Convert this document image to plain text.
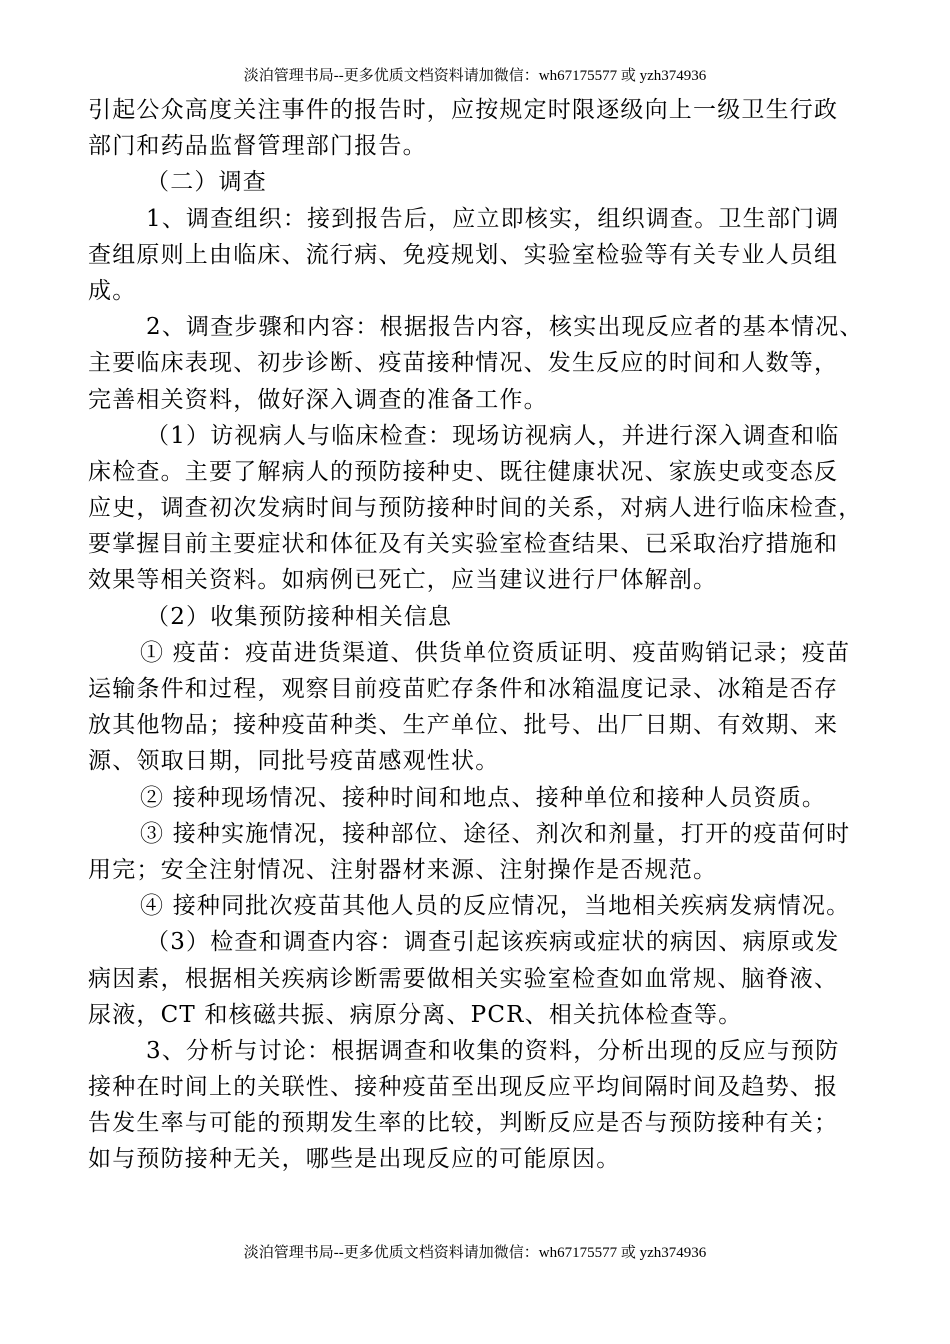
淡泊管理书局--更多优质文档资料请加微信：wh67175577 或 yzh374936
引起公众高度关注事件的报告时，应按规定时限逐级向上一级卫生行政
部门和药品监督管理部门报告。
（二）调查
1、调查组织：接到报告后，应立即核实，组织调查。卫生部门调
查组原则上由临床、流行病、免疫规划、实验室检验等有关专业人员组
成。
2、调查步骤和内容：根据报告内容，核实出现反应者的基本情况、
主要临床表现、初步诊断、疫苗接种情况、发生反应的时间和人数等，
完善相关资料，做好深入调查的准备工作。
（1）访视病人与临床检查：现场访视病人，并进行深入调查和临
床检查。主要了解病人的预防接种史、既往健康状况、家族史或变态反
应史，调查初次发病时间与预防接种时间的关系，对病人进行临床检查，
要掌握目前主要症状和体征及有关实验室检查结果、已采取治疗措施和
效果等相关资料。如病例已死亡，应当建议进行尸体解剖。
（2）收集预防接种相关信息
① 疫苗：疫苗进货渠道、供货单位资质证明、疫苗购销记录；疫苗
运输条件和过程，观察目前疫苗贮存条件和冰箱温度记录、冰箱是否存
放其他物品；接种疫苗种类、生产单位、批号、出厂日期、有效期、来
源、领取日期，同批号疫苗感观性状。
② 接种现场情况、接种时间和地点、接种单位和接种人员资质。
③ 接种实施情况，接种部位、途径、剂次和剂量，打开的疫苗何时
用完；安全注射情况、注射器材来源、注射操作是否规范。
④ 接种同批次疫苗其他人员的反应情况，当地相关疾病发病情况。
（3）检查和调查内容：调查引起该疾病或症状的病因、病原或发
病因素，根据相关疾病诊断需要做相关实验室检查如血常规、脑脊液、
尿液，CT 和核磁共振、病原分离、PCR、相关抗体检查等。
3、分析与讨论：根据调查和收集的资料，分析出现的反应与预防
接种在时间上的关联性、接种疫苗至出现反应平均间隔时间及趋势、报
告发生率与可能的预期发生率的比较，判断反应是否与预防接种有关；
如与预防接种无关，哪些是出现反应的可能原因。
淡泊管理书局--更多优质文档资料请加微信：wh67175577 或 yzh374936
